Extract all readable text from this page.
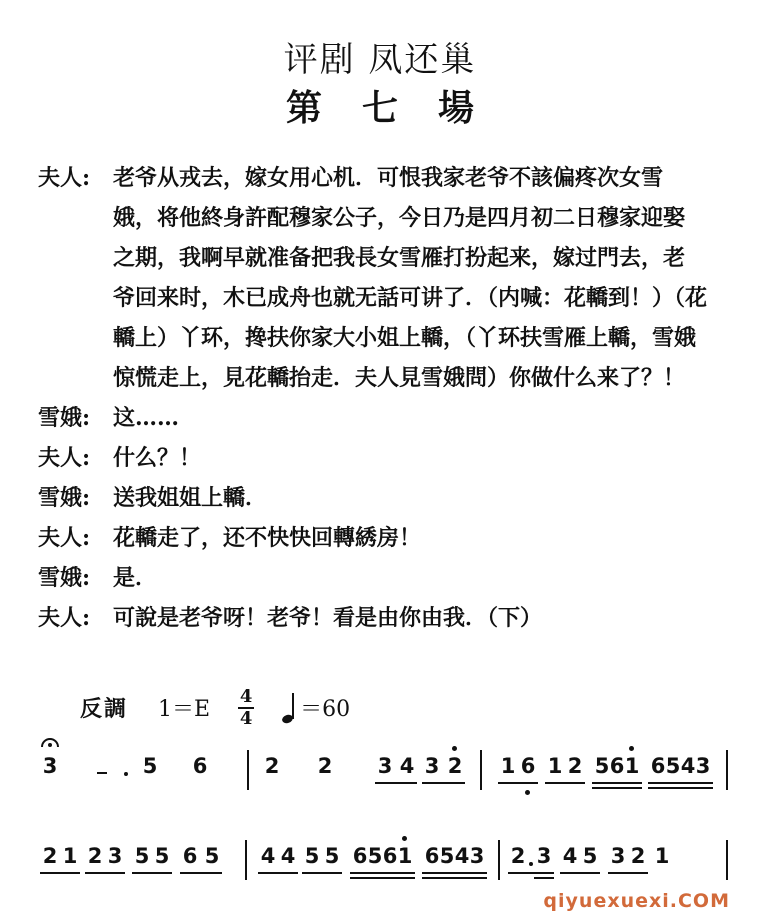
评剧 凤还巢
第七場
夫人:	老爷从戎去，嫁女用心机．可恨我家老爷不該偏疼次女雪
娥，将他終身許配穆家公子，今日乃是四月初二日穆家迎娶
之期，我啊早就准备把我長女雪雁打扮起来，嫁过門去，老
爷回来时，木已成舟也就无話可讲了．（内喊：花轎到！）（花
轎上）丫环，搀扶你家大小姐上轎，（丫环扶雪雁上轎，雪娥
惊慌走上，見花轎抬走．夫人見雪娥問）你做什么来了？！
雪娥:	这……
夫人:	什么？！
雪娥:	送我姐姐上轎．
夫人:	花轎走了，还不快快回轉綉房！
雪娥:	是．
夫人:	可說是老爷呀！老爷！看是由你由我．（下）
反調 $1=E \frac{4}{4} =60$
3	5 6	2 2 3 4 3 2 1 6 1 2 5 6 1 6 5 4 3
2 1 2 3 5 5 6 5 4 4 5 5 6 5 6 1 6 5 4 3 2 3 4 5 3 2 1
qiyuexuexi.COM
